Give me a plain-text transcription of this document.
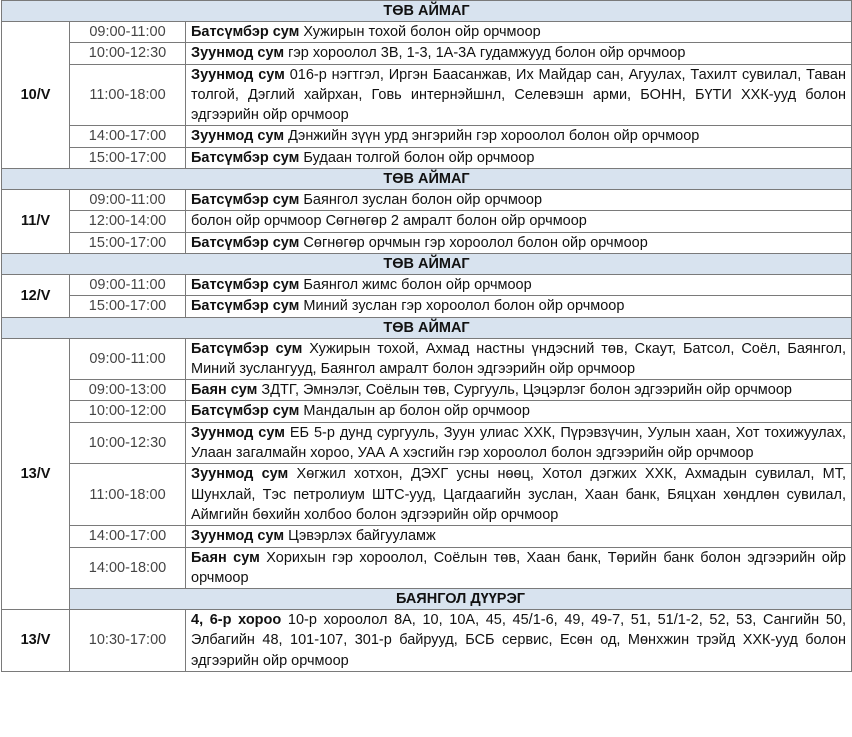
ТӨВ АЙМАГ		
10/V	09:00-11:00	Батсүмбэр сум Хужирын тохой болон ойр орчмоор
	10:00-12:30	Зуунмод сум гэр хороолол 3В, 1-3, 1А-3А гудамжууд болон ойр орчмоор
	11:00-18:00	Зуунмод сум 016-р нэгтгэл, Иргэн Баасанжав, Их Майдар сан, Агуулах, Тахилт сувилал, Таван толгой, Дэглий хайрхан, Говь интернэйшнл, Селевэшн арми, БОНН, БҮТИ ХХК-ууд болон эдгээрийн ойр орчмоор
	14:00-17:00	Зуунмод сум Дэнжийн зүүн урд энгэрийн гэр хороолол болон ойр орчмоор
	15:00-17:00	Батсүмбэр сум Будаан толгой болон ойр орчмоор
ТӨВ АЙМАГ		
11/V	09:00-11:00	Батсүмбэр сум Баянгол зуслан болон ойр орчмоор
	12:00-14:00	болон ойр орчмоор Сөгнөгөр 2 амралт болон ойр орчмоор
	15:00-17:00	Батсүмбэр сум Сөгнөгөр орчмын гэр хороолол болон ойр орчмоор
ТӨВ АЙМАГ		
12/V	09:00-11:00	Батсүмбэр сум Баянгол жимс болон ойр орчмоор
	15:00-17:00	Батсүмбэр сум Миний зуслан гэр хороолол болон ойр орчмоор
ТӨВ АЙМАГ		
13/V	09:00-11:00	Батсүмбэр сум Хужирын тохой, Ахмад настны үндэсний төв, Скаут, Батсол, Соёл, Баянгол, Миний зуслангууд, Баянгол амралт болон эдгээрийн ойр орчмоор
	09:00-13:00	Баян сум ЗДТГ, Эмнэлэг, Соёлын төв, Сургууль, Цэцэрлэг болон эдгээрийн ойр орчмоор
	10:00-12:00	Батсүмбэр сум Мандалын ар болон ойр орчмоор
	10:00-12:30	Зуунмод сум ЕБ 5-р дунд сургууль, Зуун улиас ХХК, Пүрэвзүчин, Уулын хаан, Хот тохижуулах, Улаан загалмайн хороо, УАА А хэсгийн гэр хороолол болон эдгээрийн ойр орчмоор
	11:00-18:00	Зуунмод сум Хөгжил хотхон, ДЭХГ усны нөөц, Хотол дэгжих ХХК, Ахмадын сувилал, МТ, Шунхлай, Тэс петролиум ШТС-ууд, Цагдаагийн зуслан, Хаан банк, Бяцхан хөндлөн сувилал, Аймгийн бөхийн холбоо болон эдгээрийн ойр орчмоор
	14:00-17:00	Зуунмод сум Цэвэрлэх байгууламж
	14:00-18:00	Баян сум Хорихын гэр хороолол, Соёлын төв, Хаан банк, Төрийн банк болон эдгээрийн ойр орчмоор
	БАЯНГОЛ ДҮҮРЭГ	
13/V	10:30-17:00	4, 6-р хороо 10-р хороолол 8А, 10, 10А, 45, 45/1-6, 49, 49-7, 51, 51/1-2, 52, 53, Сангийн 50, Элбагийн 48, 101-107, 301-р байрууд, БСБ сервис, Есөн од, Мөнхжин трэйд ХХК-ууд болон эдгээрийн ойр орчмоор
